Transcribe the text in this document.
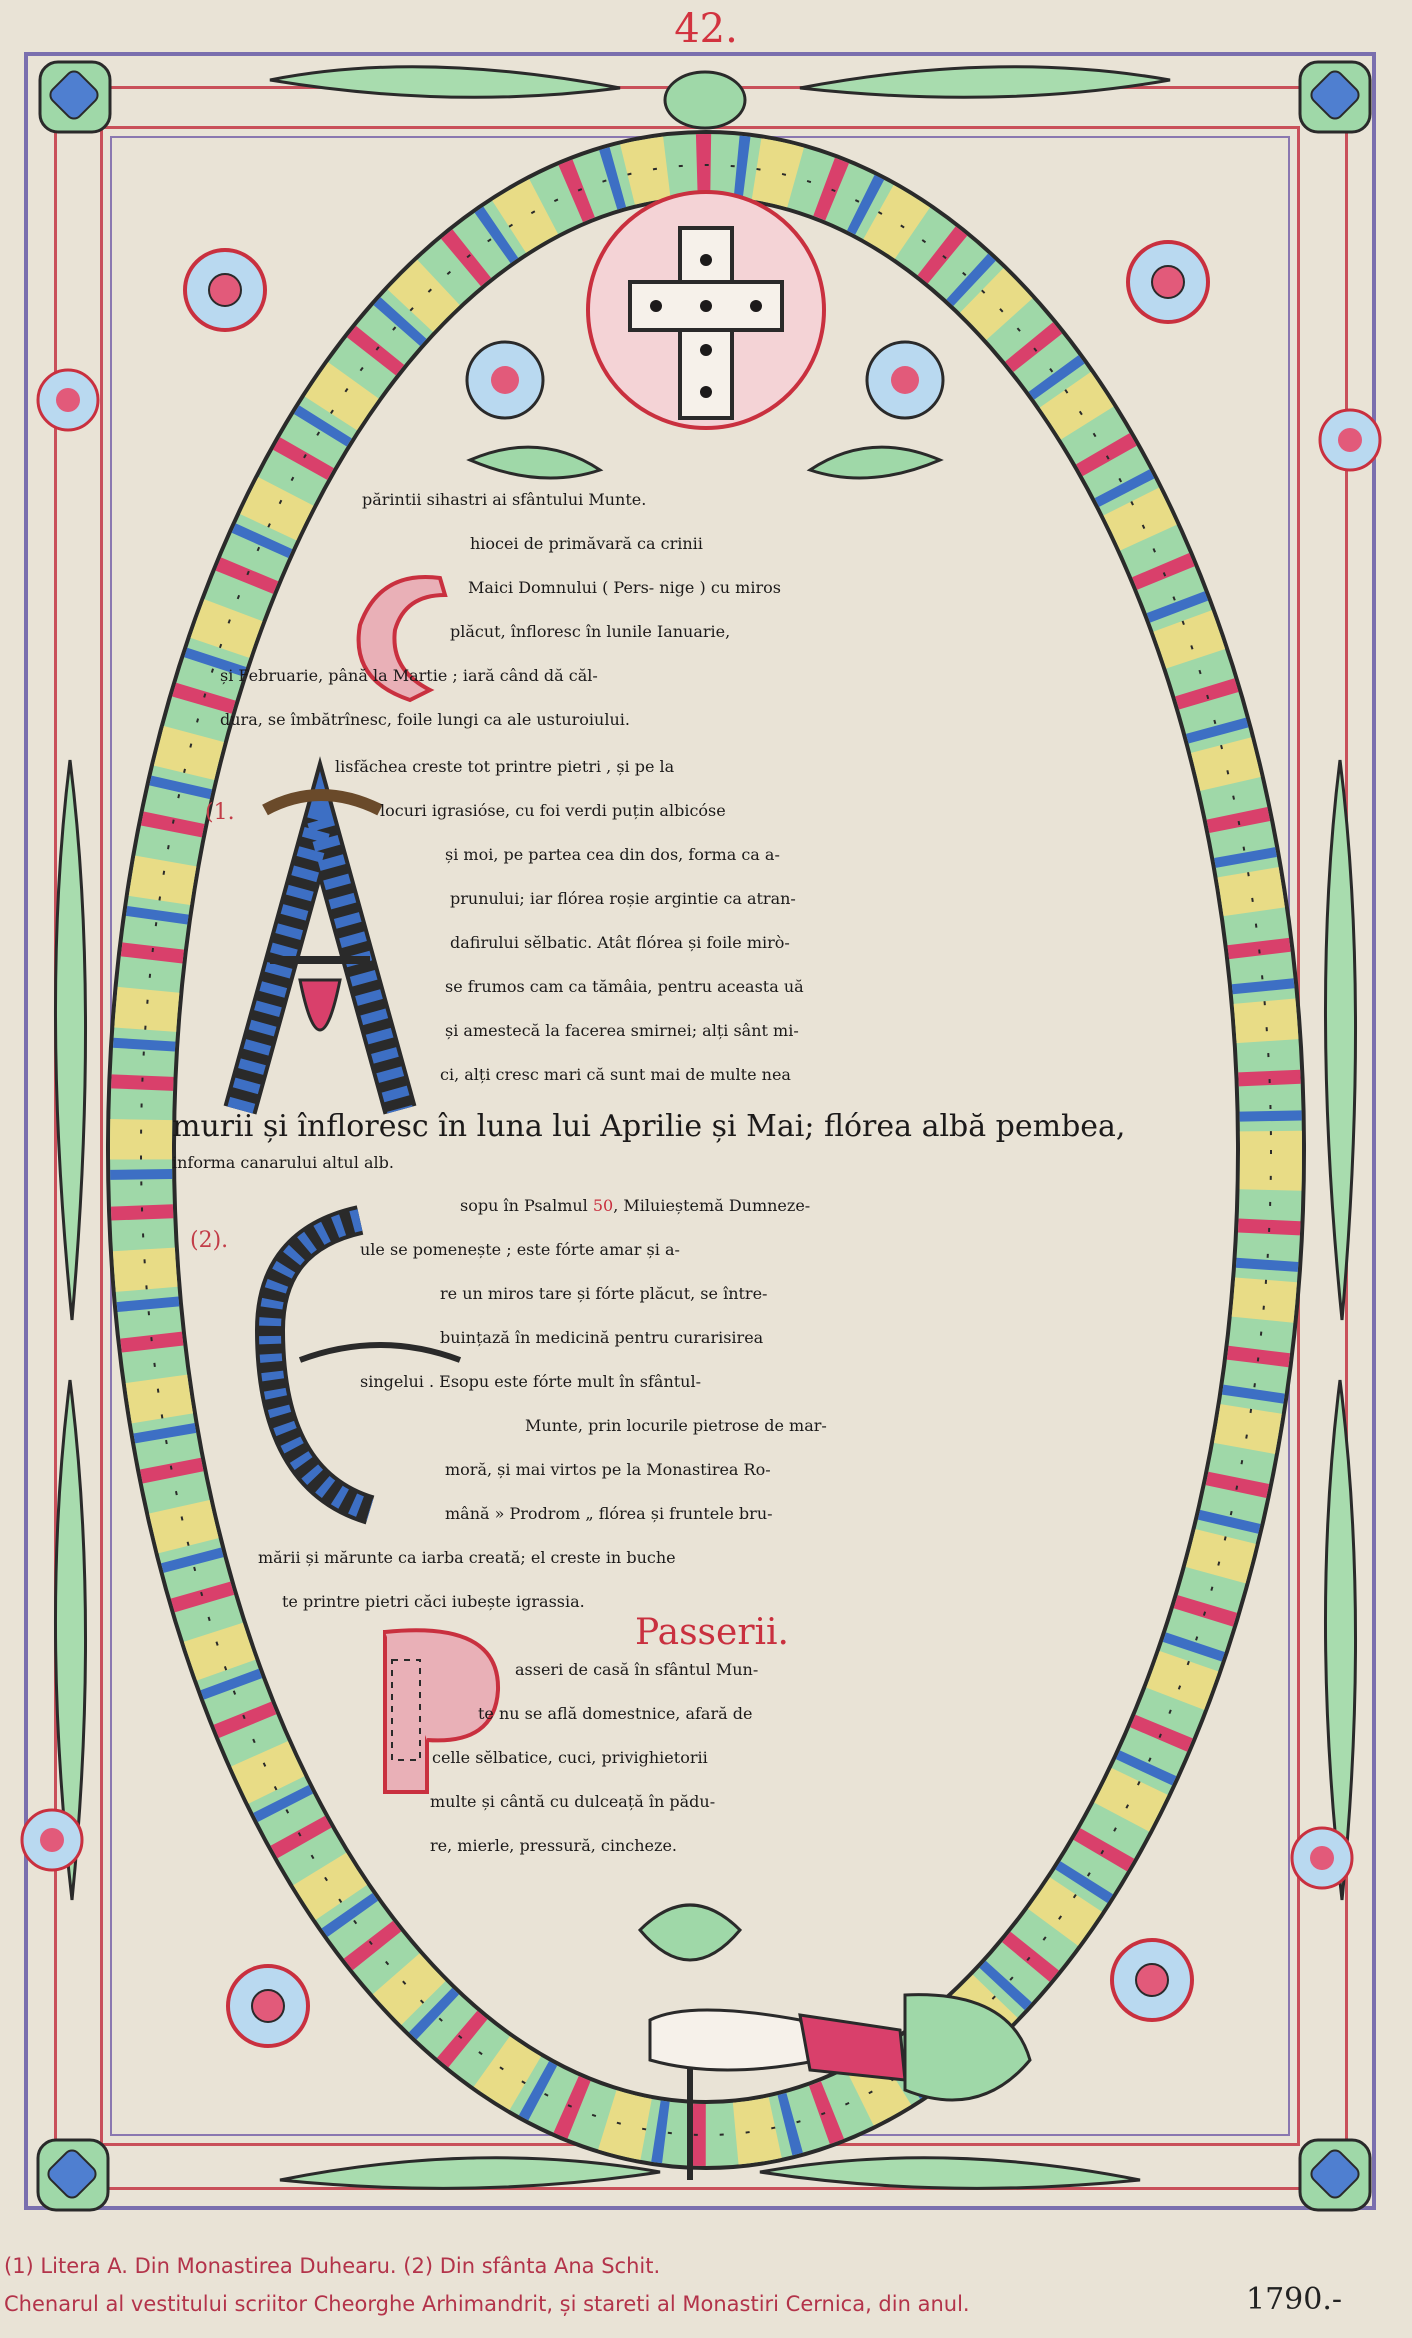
42.
părintii sihastri ai sfântului Munte.
hiocei de primăvară ca crinii
Maici Domnului ( Pers- nige ) cu miros
plăcut, înfloresc în lunile Ianuarie,
și Februarie, până la Martie ; iară când dă căl-
dura, se îmbătrînesc, foile lungi ca ale usturoiului.
(1.
lisfăchea creste tot printre pietri , și pe la
locuri igrasióse, cu foi verdi puțin albicóse
și moi, pe partea cea din dos, forma ca a-
prunului; iar flórea roșie argintie ca atran-
dafirului sĕlbatic. Atât flórea și foile mirò-
se frumos cam ca tămâia, pentru aceasta uă
și amestecă la facerea smirnei; alți sânt mi-
ci, alți cresc mari că sunt mai de multe nea
murii și înfloresc în luna lui Aprilie și Mai; flórea albă pembea,
informa canarului altul alb.
(2).
sopu în Psalmul 50, Miluieștemă Dumneze-
ule se pomenește ; este fórte amar și a-
re un miros tare și fórte plăcut, se între-
buințază în medicină pentru curarisirea
singelui . Esopu este fórte mult în sfântul-
Munte, prin locurile pietrose de mar-
moră, și mai virtos pe la Monastirea Ro-
mână » Prodrom „ flórea și fruntele bru-
mării și mărunte ca iarba creată; el creste in buche
te printre pietri căci iubește igrassia.
Passerii.
asseri de casă în sfântul Mun-
te nu se află domestnice, afară de
celle sĕlbatice, cuci, privighietorii
multe și cântă cu dulceață în pădu-
re, mierle, pressură, cincheze.
(1) Litera A. Din Monastirea Duhearu. (2) Din sfânta Ana Schit.
Chenarul al vestitului scriitor Cheorghe Arhimandrit, și stareti al Monastiri Cernica, din anul.	1790.-
